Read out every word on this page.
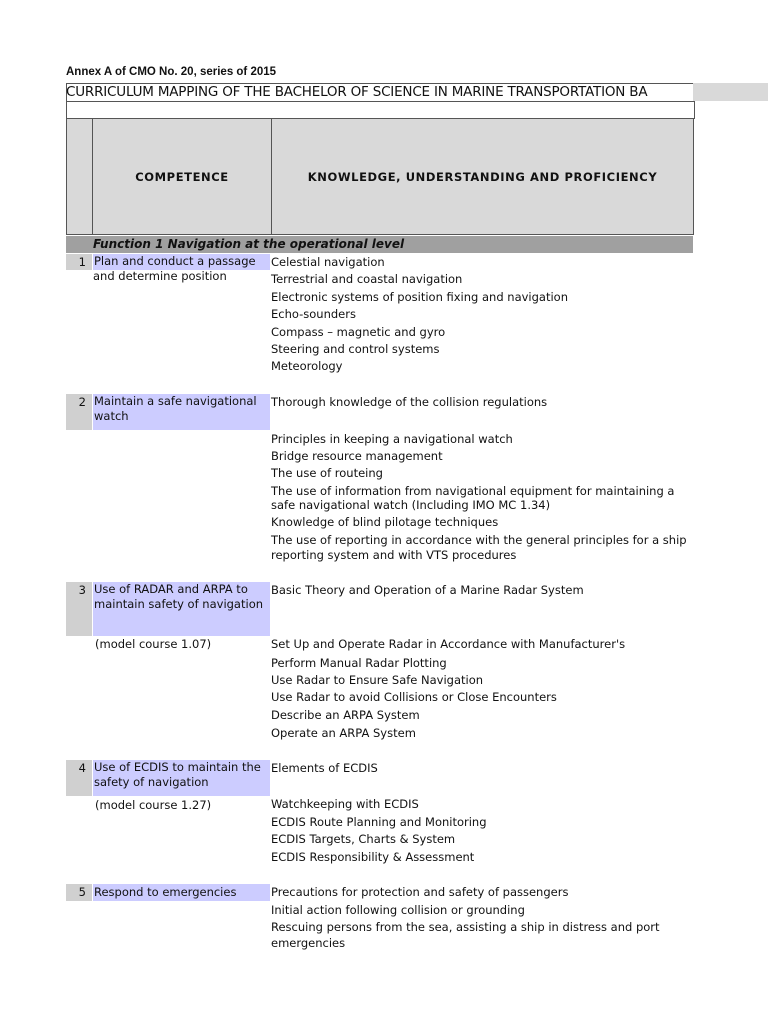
Annex A of CMO No. 20, series of 2015
CURRICULUM MAPPING OF THE BACHELOR OF SCIENCE IN MARINE TRANSPORTATION BA
COMPETENCE	KNOWLEDGE, UNDERSTANDING AND PROFICIENCY
Function 1 Navigation at the operational level
1 Plan and conduct a passage
and determine position
Celestial navigation
Terrestrial and coastal navigation
Electronic systems of position fixing and navigation
Echo-sounders
Compass – magnetic and gyro
Steering and control systems
Meteorology
2 Maintain a safe navigational
watch
Thorough knowledge of the collision regulations
Principles in keeping a navigational watch
Bridge resource management
The use of routeing
The use of information from navigational equipment for maintaining a
safe navigational watch (Including IMO MC 1.34)
Knowledge of blind pilotage techniques
The use of reporting in accordance with the general principles for a ship
reporting system and with VTS procedures
3 Use of RADAR and ARPA to
maintain safety of navigation
(model course 1.07)
Basic Theory and Operation of a Marine Radar System
Set Up and Operate Radar in Accordance with Manufacturer's
Perform Manual Radar Plotting
Use Radar to Ensure Safe Navigation
Use Radar to avoid Collisions or Close Encounters
Describe an ARPA System
Operate an ARPA System
4 Use of ECDIS to maintain the
safety of navigation
(model course 1.27)
Elements of ECDIS
Watchkeeping with ECDIS
ECDIS Route Planning and Monitoring
ECDIS Targets, Charts & System
ECDIS Responsibility & Assessment
5 Respond to emergencies	Precautions for protection and safety of passengers
Initial action following collision or grounding
Rescuing persons from the sea, assisting a ship in distress and port
emergencies
